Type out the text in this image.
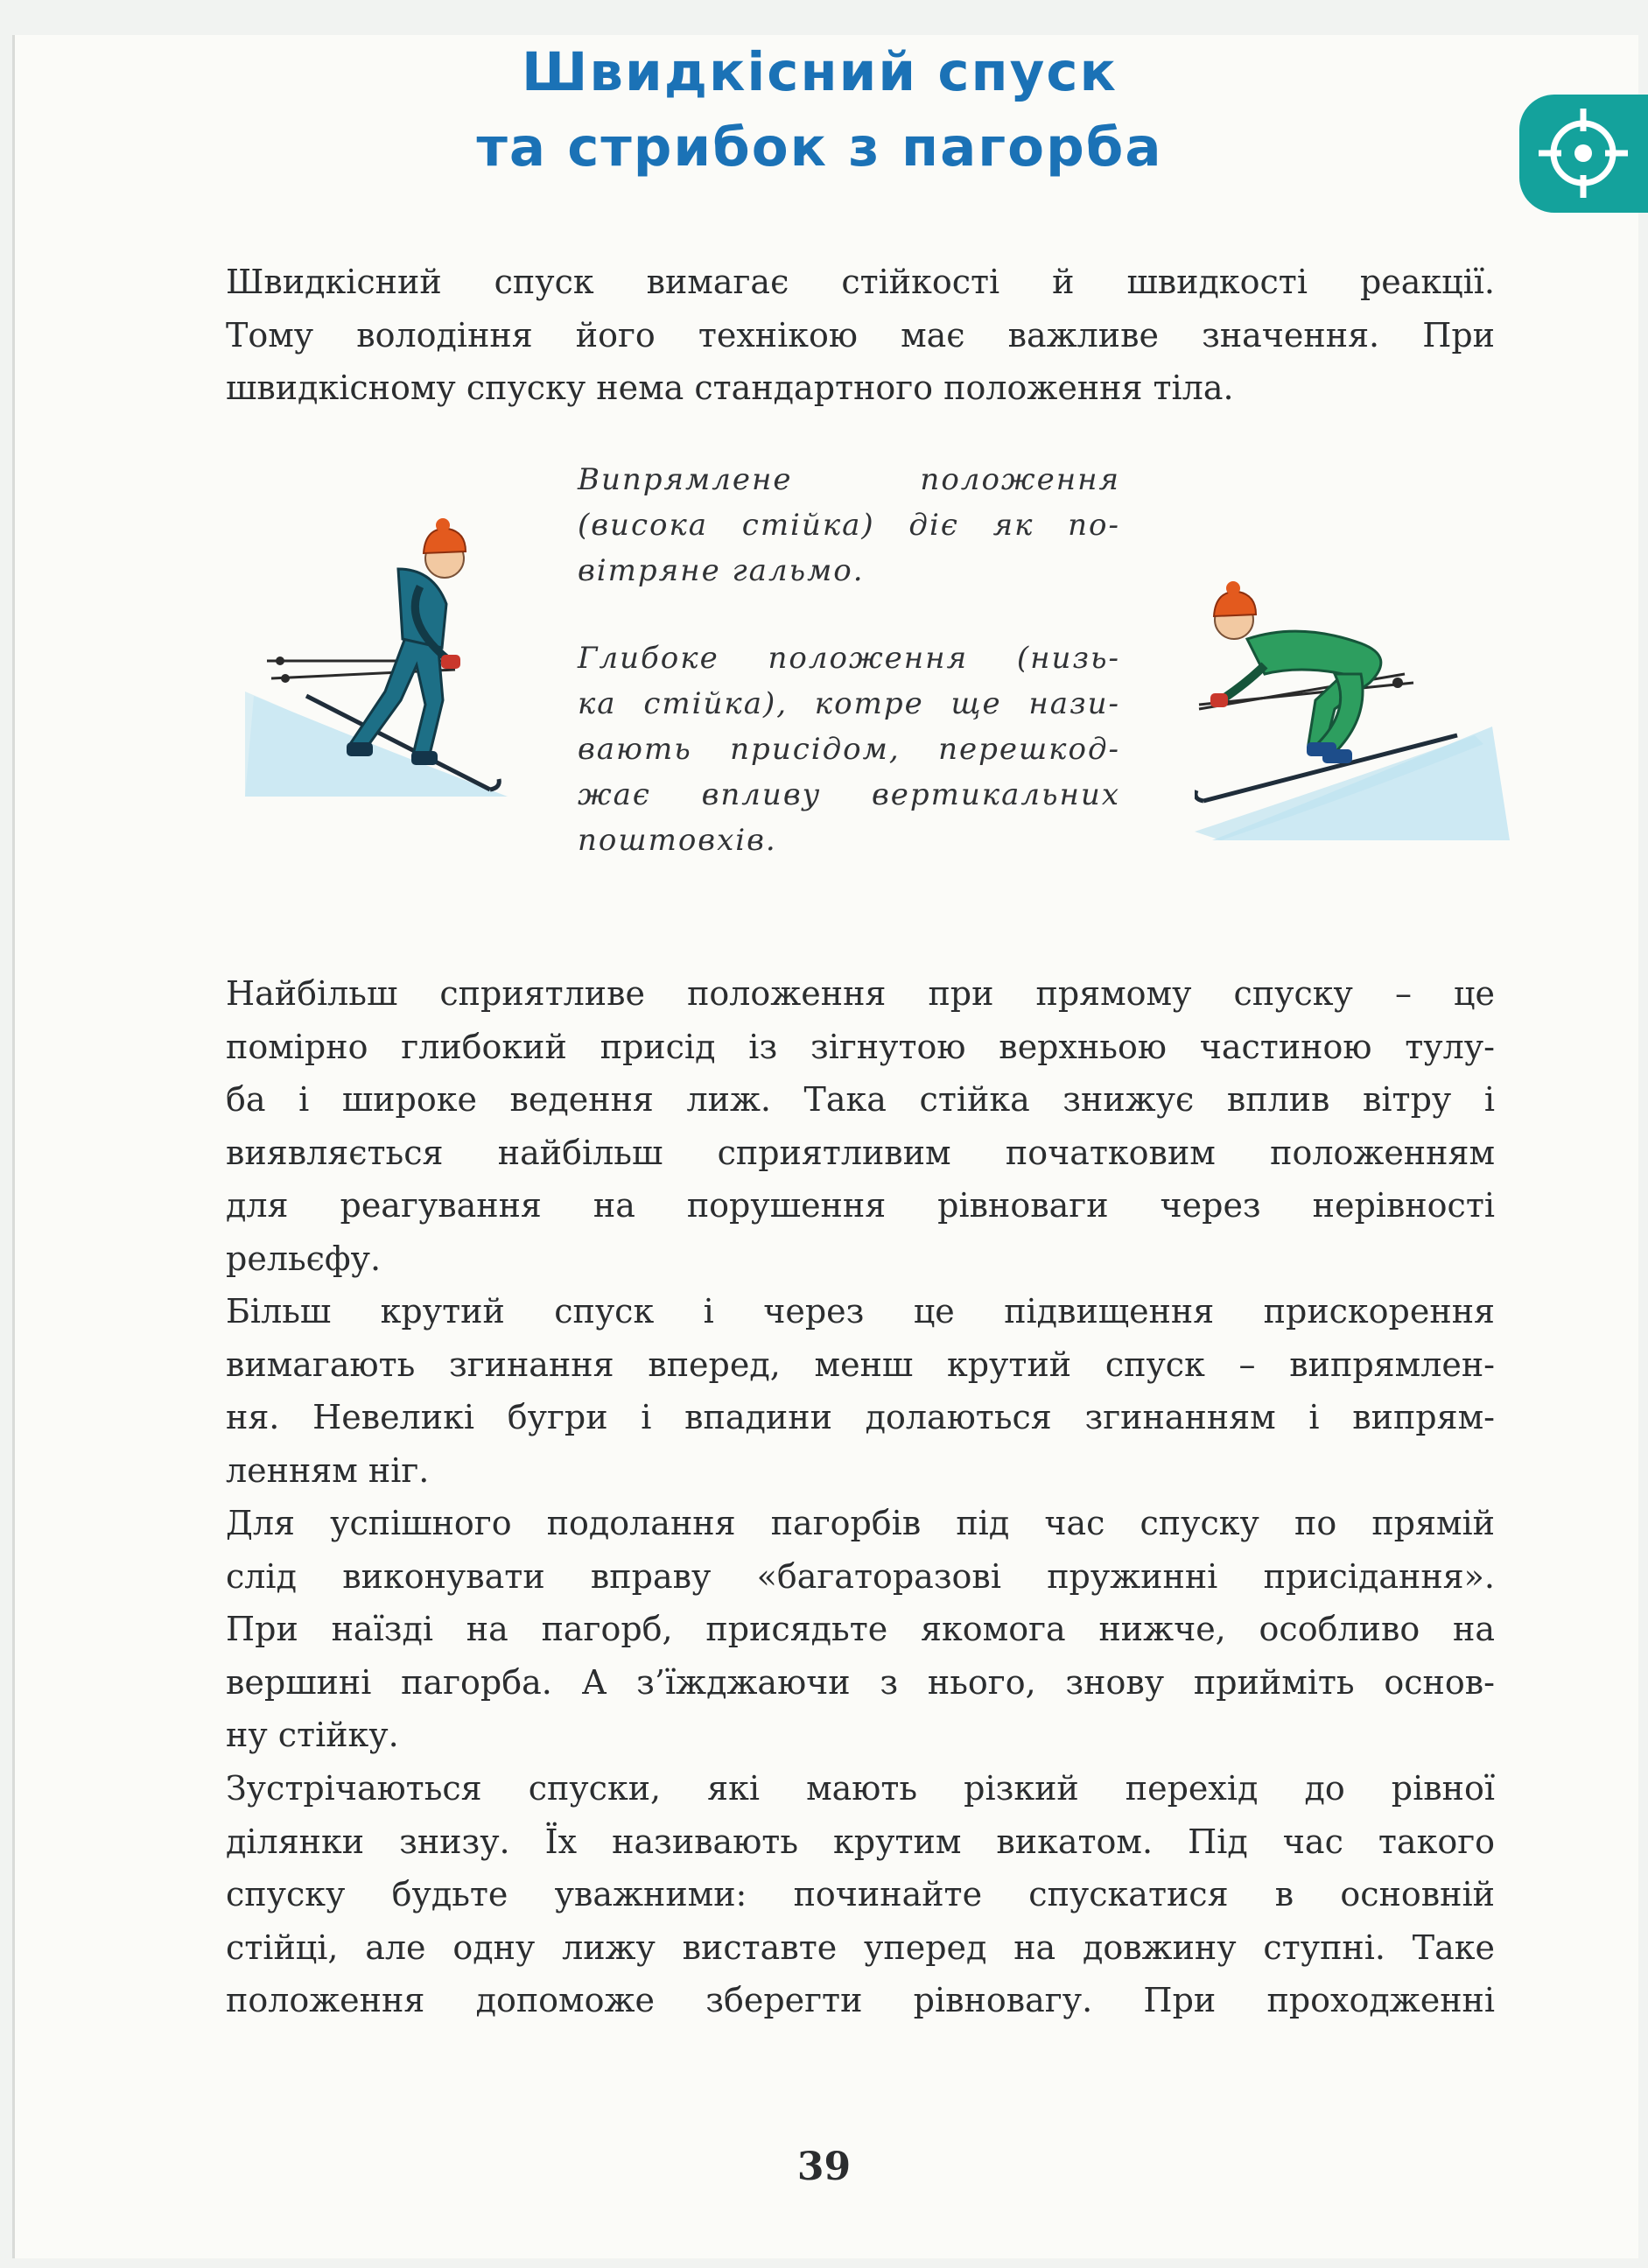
Швидкісний спуск
та стрибок з пагорба

Швидкісний спуск вимагає стійкості й швидкості реакції.
Тому володіння його технікою має важливе значення. При
швидкісному спуску нема стандартного положення тіла.

Випрямлене положення
(висока стійка) діє як по-
вітряне гальмо.
Глибоке положення (низь-
ка стійка), котре ще нази-
вають присідом, перешкод-
жає впливу вертикальних
поштовхів.

Найбільш сприятливе положення при прямому спуску – це
помірно глибокий присід із зігнутою верхньою частиною тулу-
ба і широке ведення лиж. Така стійка знижує вплив вітру і
виявляється найбільш сприятливим початковим положенням
для реагування на порушення рівноваги через нерівності
рельєфу.

Більш крутий спуск і через це підвищення прискорення
вимагають згинання вперед, менш крутий спуск – випрямлен-
ня. Невеликі бугри і впадини долаються згинанням і випрям-
ленням ніг.

Для успішного подолання пагорбів під час спуску по прямій
слід виконувати вправу «багаторазові пружинні присідання».
При наїзді на пагорб, присядьте якомога нижче, особливо на
вершині пагорба. А з’їжджаючи з нього, знову прийміть основ-
ну стійку.

Зустрічаються спуски, які мають різкий перехід до рівної
ділянки знизу. Їх називають крутим викатом. Під час такого
спуску будьте уважними: починайте спускатися в основній
стійці, але одну лижу виставте уперед на довжину ступні. Таке
положення допоможе зберегти рівновагу. При проходженні

39
